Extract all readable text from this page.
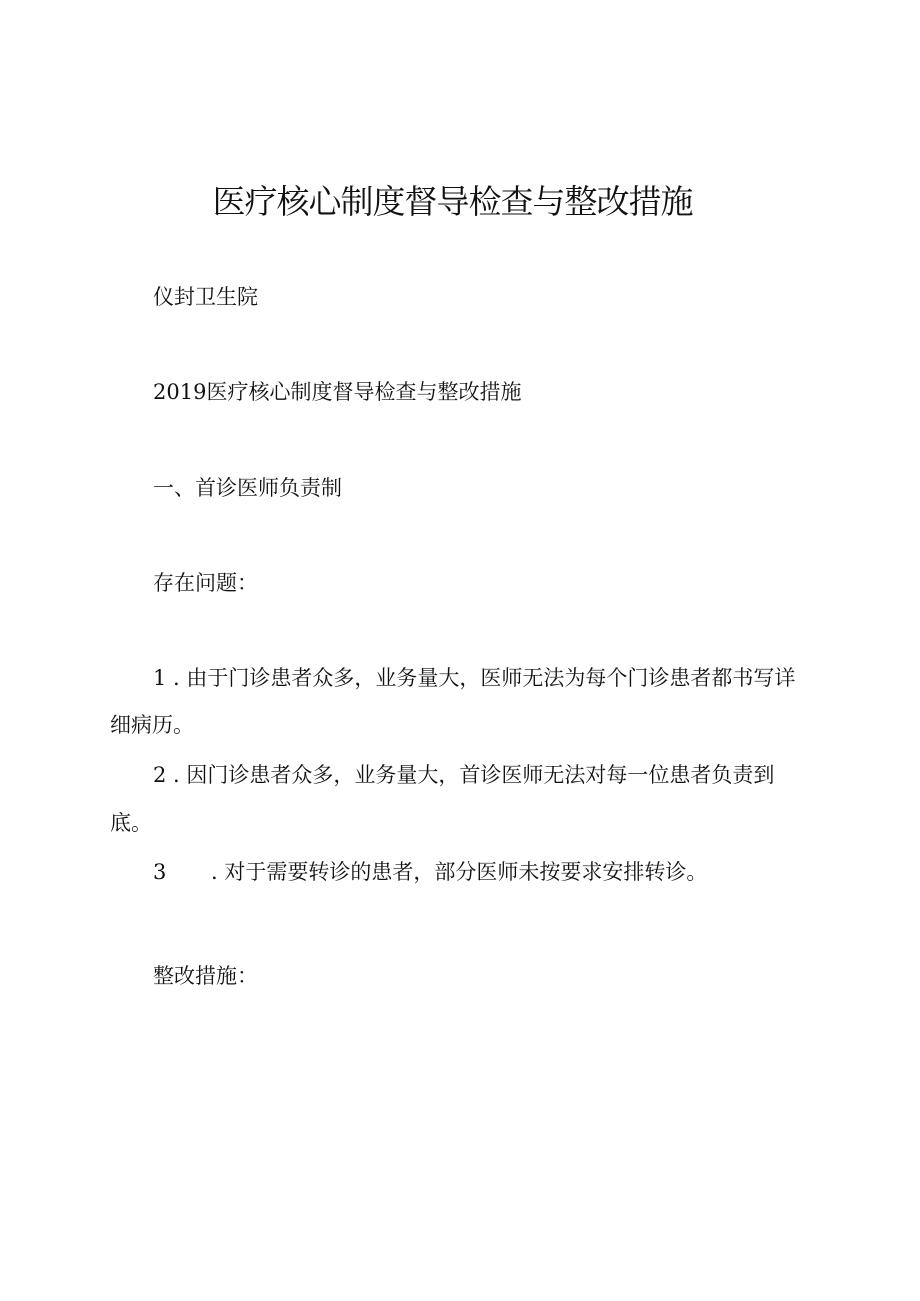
医疗核心制度督导检查与整改措施

仪封卫生院

2019医疗核心制度督导检查与整改措施

一、首诊医师负责制

存在问题：

1 . 由于门诊患者众多，业务量大，医师无法为每个门诊患者都书写详

细病历。

2 . 因门诊患者众多，业务量大，首诊医师无法对每一位患者负责到

底。

3 . 对于需要转诊的患者，部分医师未按要求安排转诊。

整改措施：
